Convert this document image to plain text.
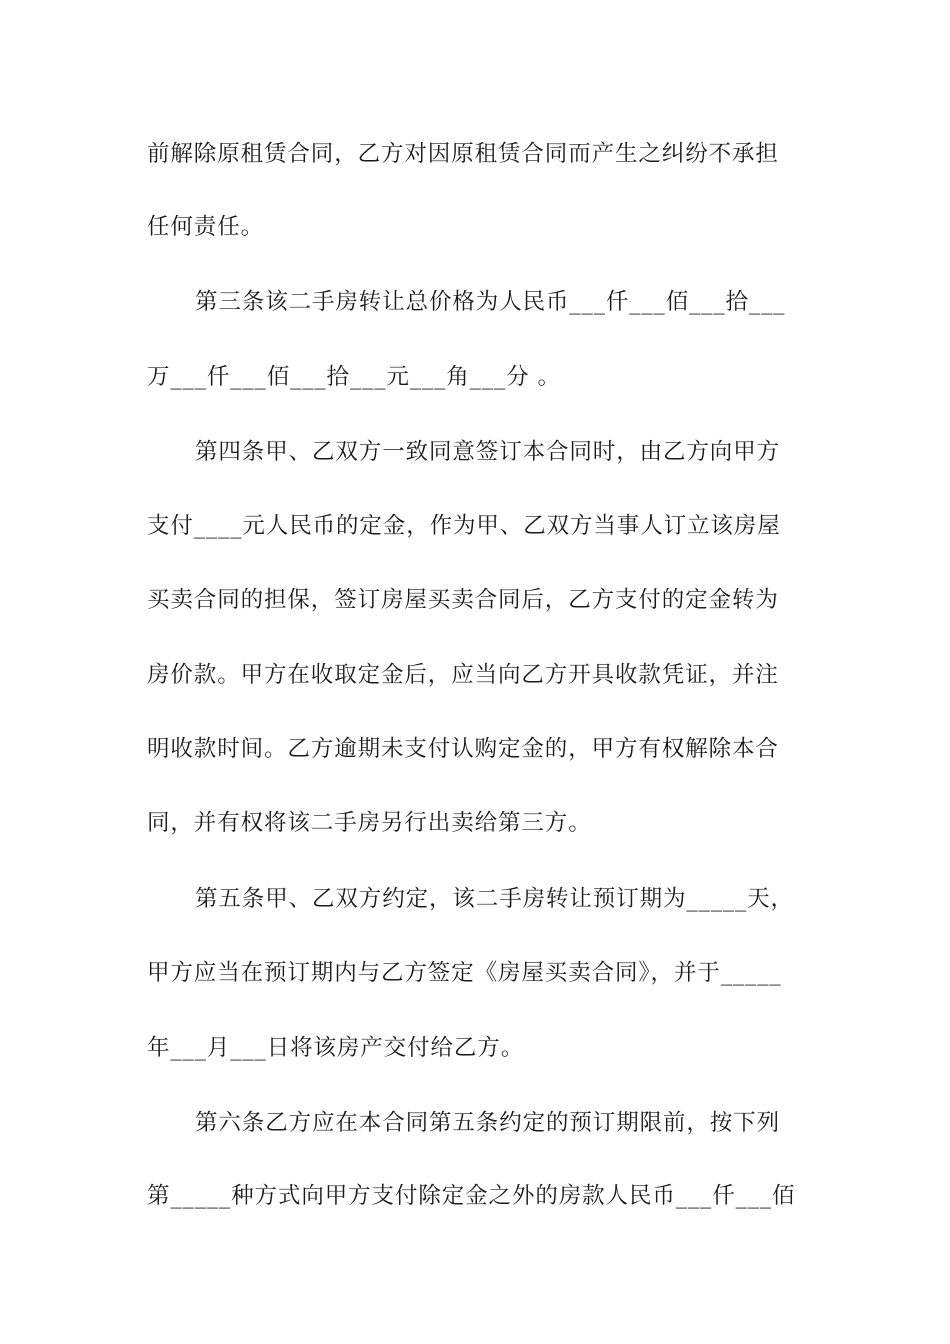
前解除原租赁合同，乙方对因原租赁合同而产生之纠纷不承担
任何责任。
第三条该二手房转让总价格为人民币___仟___佰___拾___
万___仟___佰___拾___元___角___分 。
第四条甲、乙双方一致同意签订本合同时，由乙方向甲方
支付____元人民币的定金，作为甲、乙双方当事人订立该房屋
买卖合同的担保，签订房屋买卖合同后，乙方支付的定金转为
房价款。甲方在收取定金后，应当向乙方开具收款凭证，并注
明收款时间。乙方逾期未支付认购定金的，甲方有权解除本合
同，并有权将该二手房另行出卖给第三方。
第五条甲、乙双方约定，该二手房转让预订期为_____天，
甲方应当在预订期内与乙方签定《房屋买卖合同》，并于_____
年___月___日将该房产交付给乙方。
第六条乙方应在本合同第五条约定的预订期限前，按下列
第_____种方式向甲方支付除定金之外的房款人民币___仟___佰
